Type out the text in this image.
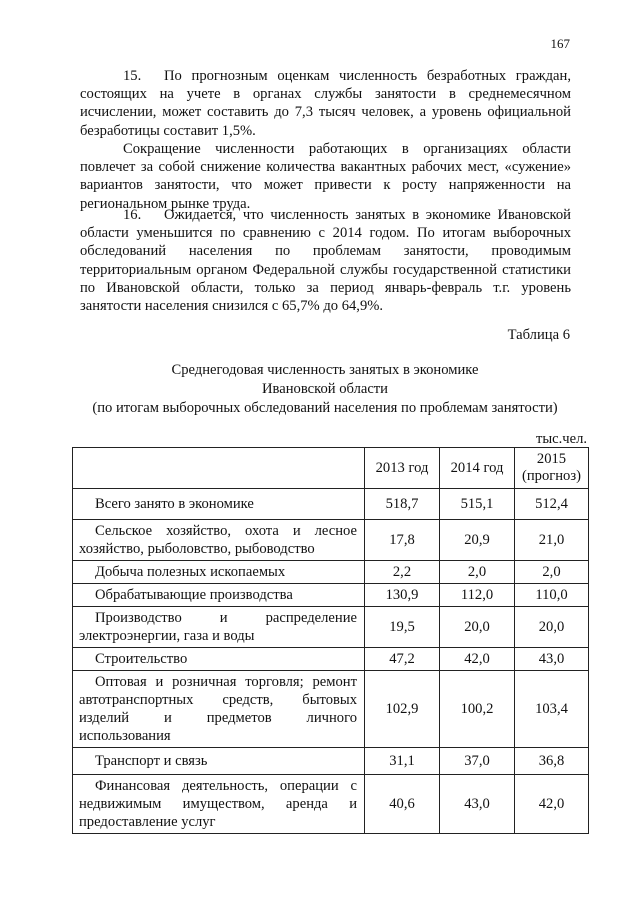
167

15. По прогнозным оценкам численность безработных граждан, состоящих на учете в органах службы занятости в среднемесячном исчислении, может составить до 7,3 тысяч человек, а уровень официальной безработицы составит 1,5%.

Сокращение численности работающих в организациях области повлечет за собой снижение количества вакантных рабочих мест, «сужение» вариантов занятости, что может привести к росту напряженности на региональном рынке труда.

16. Ожидается, что численность занятых в экономике Ивановской области уменьшится по сравнению с 2014 годом. По итогам выборочных обследований населения по проблемам занятости, проводимым территориальным органом Федеральной службы государственной статистики по Ивановской области, только за период январь-февраль т.г. уровень занятости населения снизился с 65,7% до 64,9%.

Таблица 6
Среднегодовая численность занятых в экономике
Ивановской области
(по итогам выборочных обследований населения по проблемам занятости)
тыс.чел.
	2013 год	2014 год	2015 (прогноз)
Всего занято в экономике	518,7	515,1	512,4
Сельское хозяйство, охота и лесное хозяйство, рыболовство, рыбоводство	17,8	20,9	21,0
Добыча полезных ископаемых	2,2	2,0	2,0
Обрабатывающие производства	130,9	112,0	110,0
Производство и распределение электроэнергии, газа и воды	19,5	20,0	20,0
Строительство	47,2	42,0	43,0
Оптовая и розничная торговля; ремонт автотранспортных средств, бытовых изделий и предметов личного использования	102,9	100,2	103,4
Транспорт и связь	31,1	37,0	36,8
Финансовая деятельность, операции с недвижимым имуществом, аренда и предоставление услуг	40,6	43,0	42,0
